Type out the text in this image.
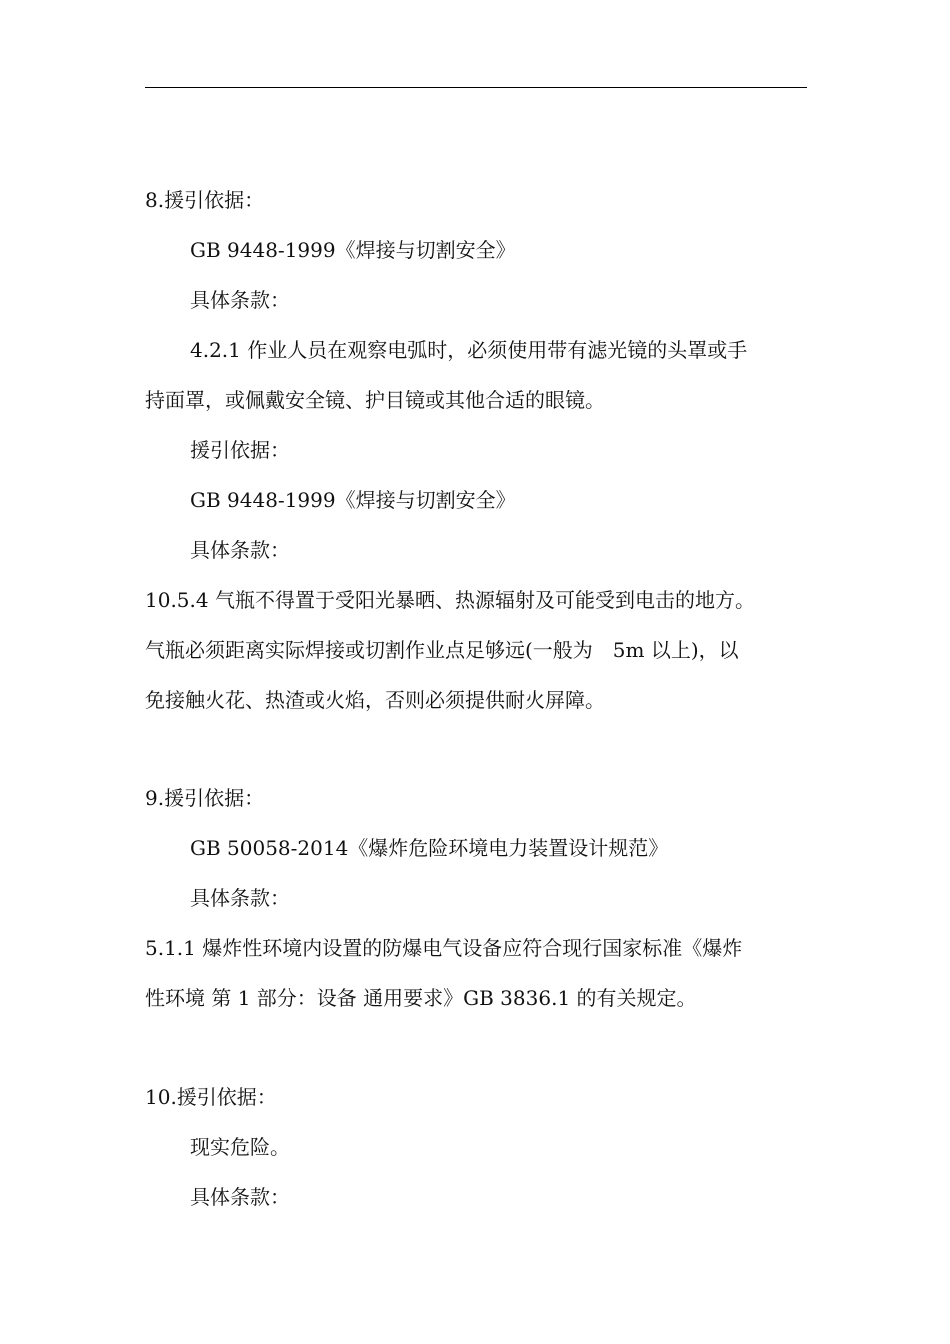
8.援引依据：
GB 9448-1999《焊接与切割安全》
具体条款：
4.2.1 作业人员在观察电弧时，必须使用带有滤光镜的头罩或手
持面罩，或佩戴安全镜、护目镜或其他合适的眼镜。
援引依据：
GB 9448-1999《焊接与切割安全》
具体条款：
10.5.4 气瓶不得置于受阳光暴晒、热源辐射及可能受到电击的地方。
气瓶必须距离实际焊接或切割作业点足够远(一般为　5m 以上)，以
免接触火花、热渣或火焰，否则必须提供耐火屏障。
9.援引依据：
GB 50058-2014《爆炸危险环境电力装置设计规范》
具体条款：
5.1.1 爆炸性环境内设置的防爆电气设备应符合现行国家标准《爆炸
性环境 第 1 部分：设备 通用要求》GB 3836.1 的有关规定。
10.援引依据：
现实危险。
具体条款：
